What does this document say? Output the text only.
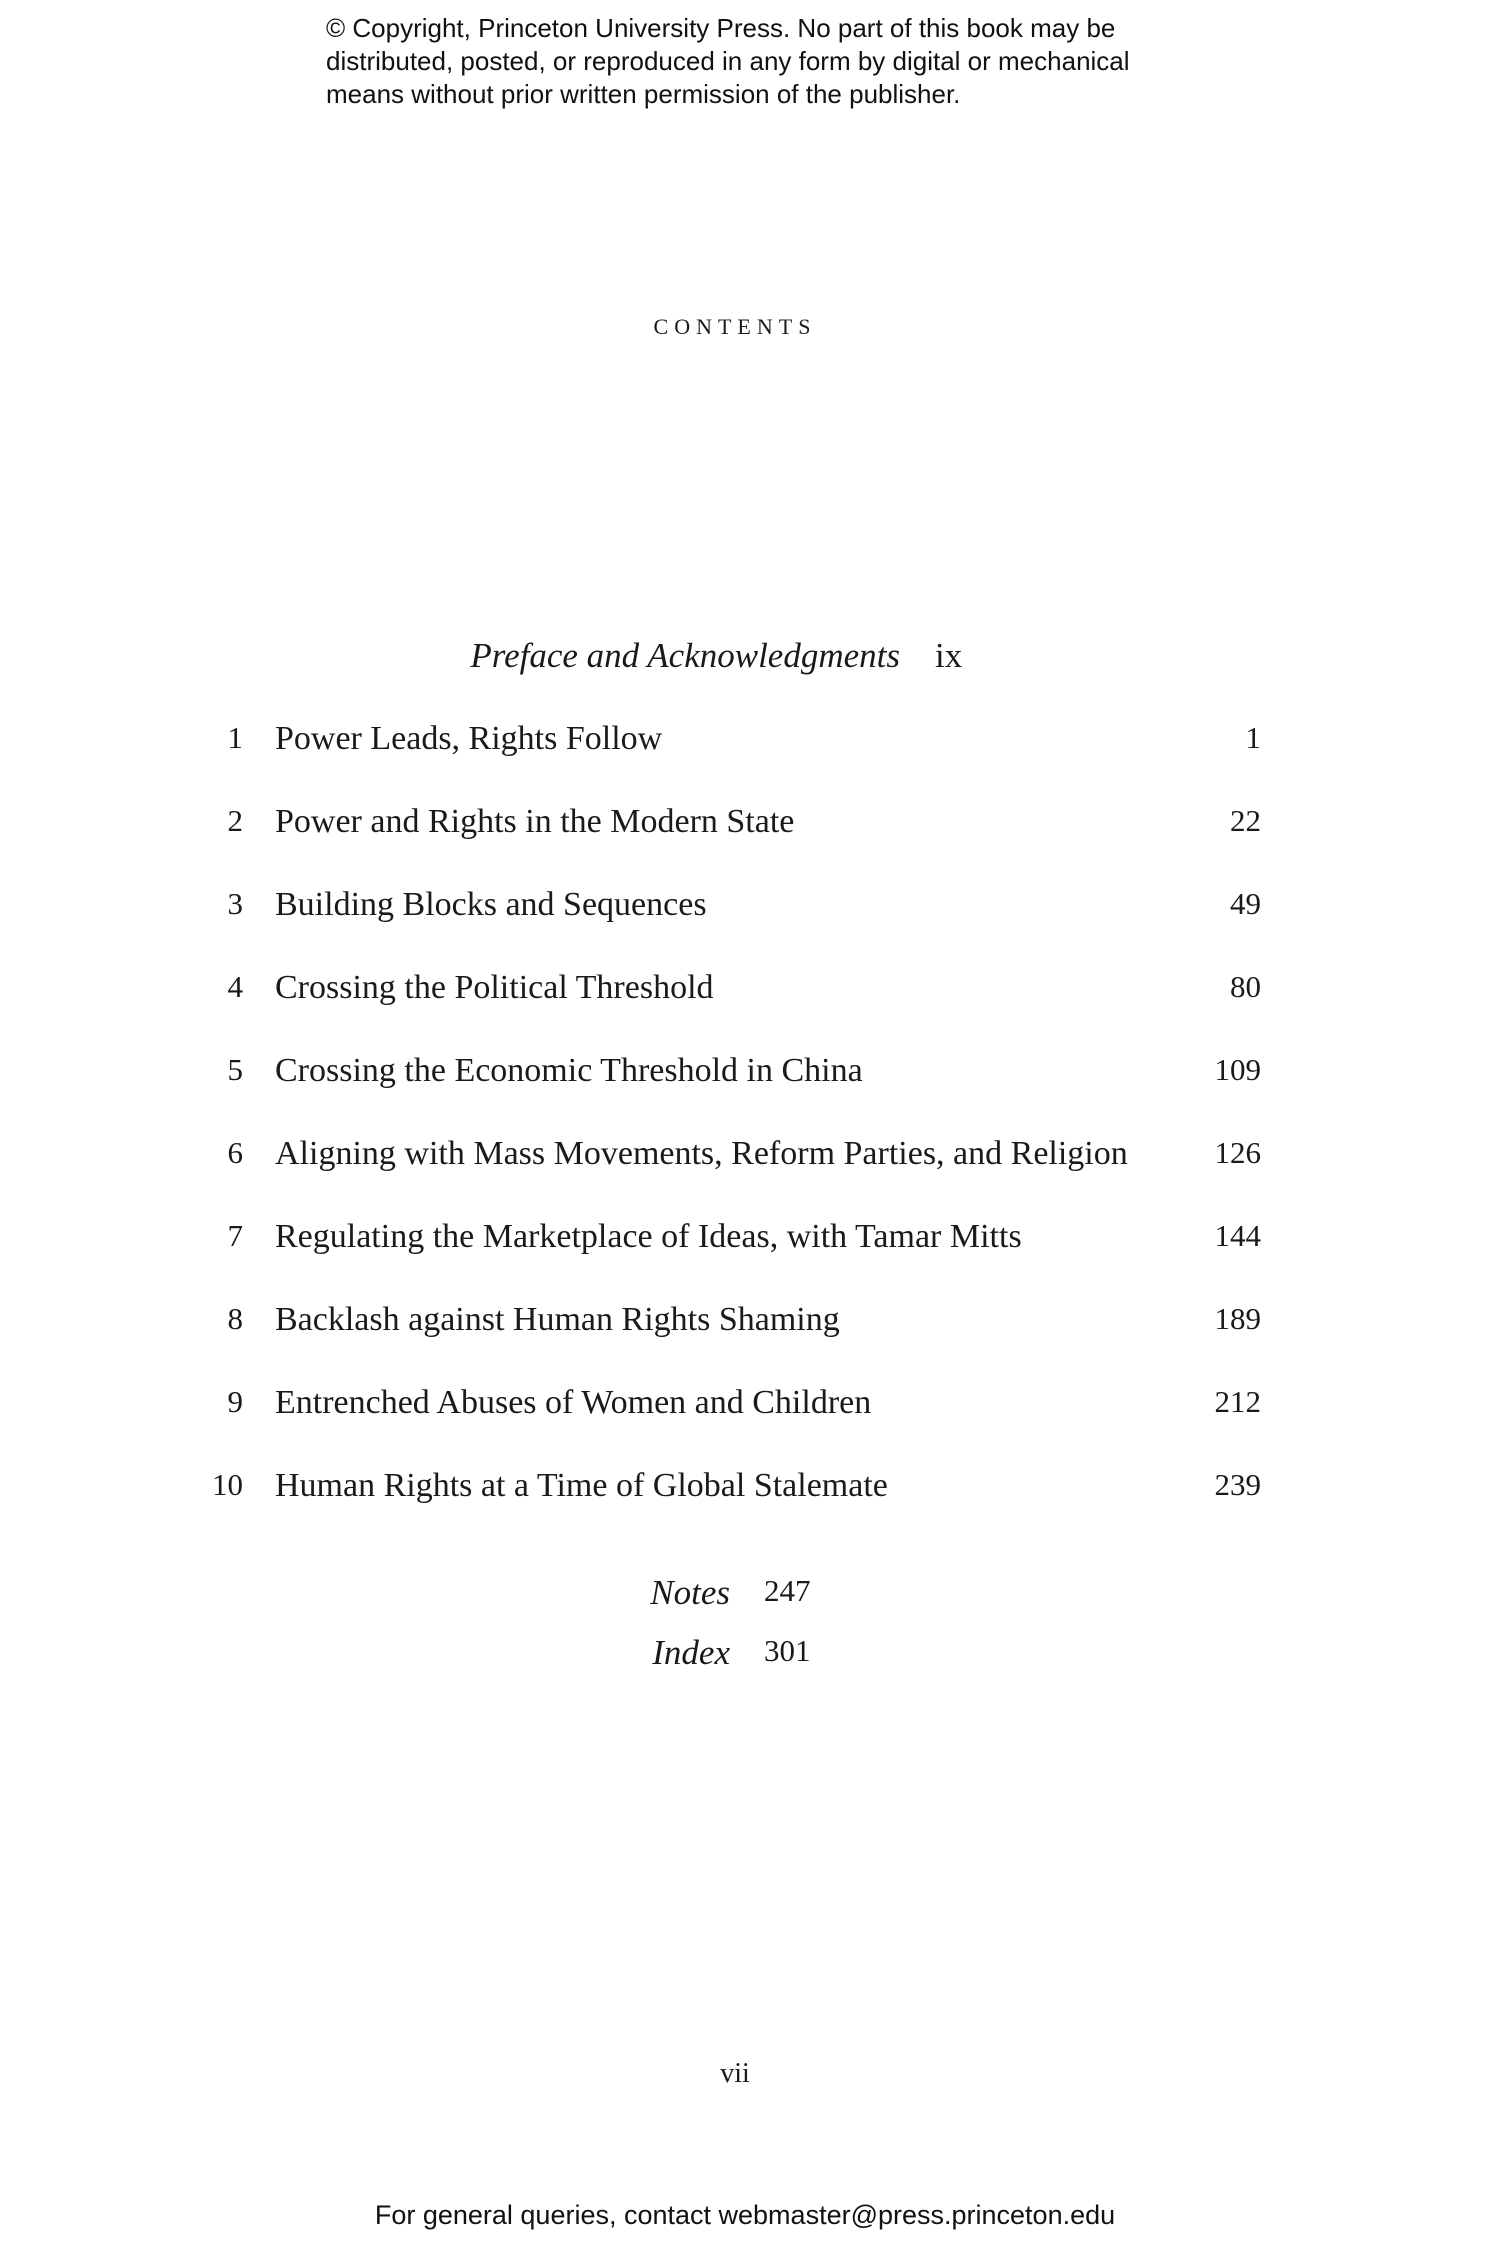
© Copyright, Princeton University Press. No part of this book may be
distributed, posted, or reproduced in any form by digital or mechanical
means without prior written permission of the publisher.
contents
Preface and Acknowledgments ix
1 Power Leads, Rights Follow	1
2 Power and Rights in the Modern State	22
3 Building Blocks and Sequences	49
4 Crossing the Political Threshold	80
5 Crossing the Economic Threshold in China	109
6 Aligning with Mass Movements, Reform Parties, and Religion	126
7 Regulating the Marketplace of Ideas, with Tamar Mitts	144
8 Backlash against Human Rights Shaming	189
9 Entrenched Abuses of Women and Children	212
10 Human Rights at a Time of Global Stalemate	239
Notes 247
Index 301
vii
For general queries, contact webmaster@press.princeton.edu
